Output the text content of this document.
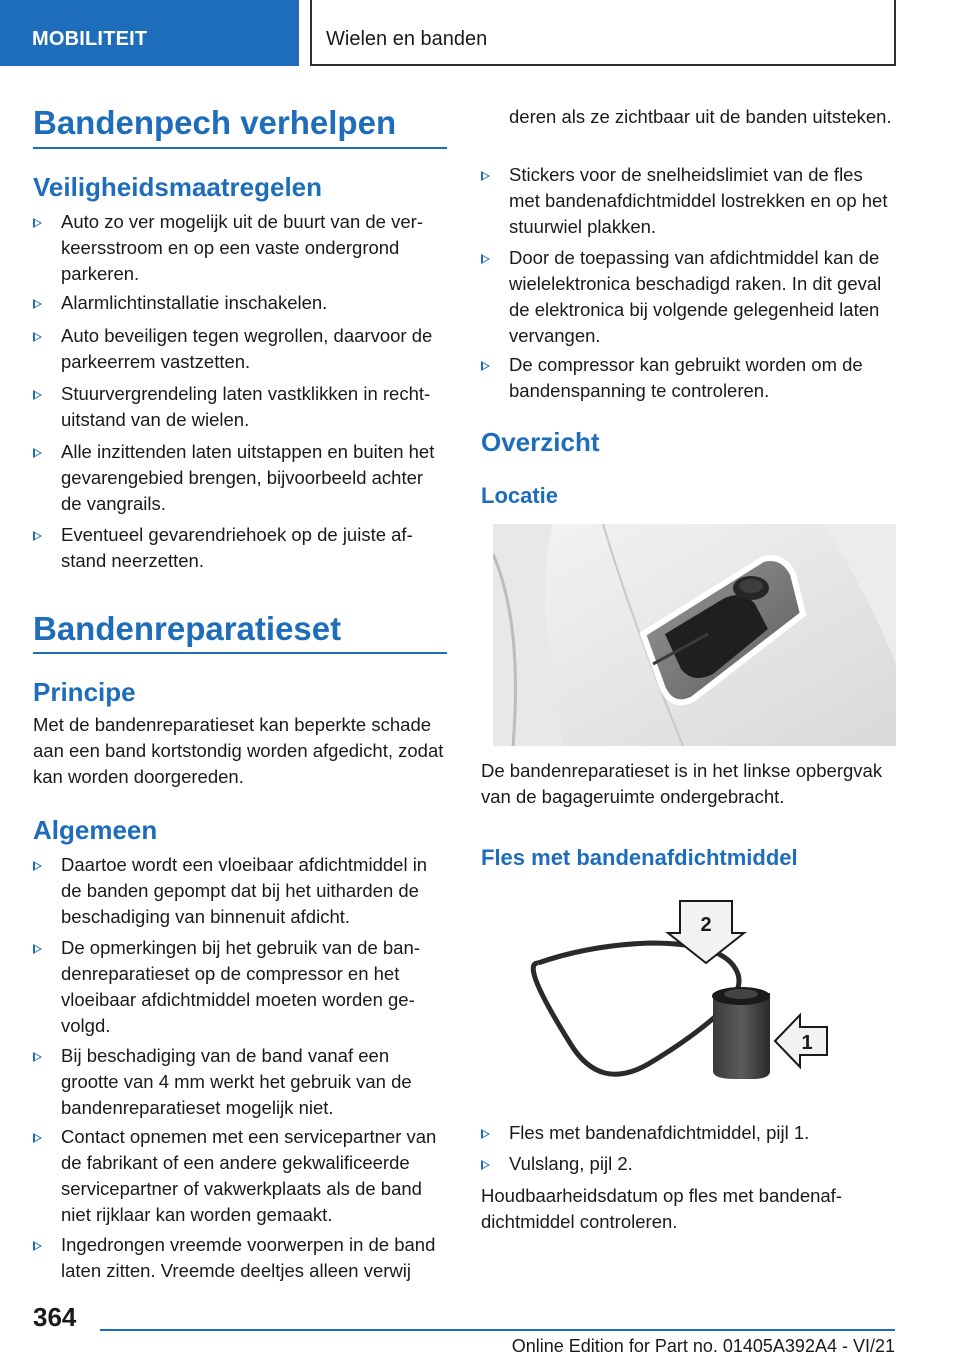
MOBILITEIT	Wielen en banden
Bandenpech verhelpen
Veiligheidsmaatregelen
Auto zo ver mogelijk uit de buurt van de verkeersstroom en op een vaste ondergrond parkeren.
Alarmlichtinstallatie inschakelen.
Auto beveiligen tegen wegrollen, daarvoor de parkeerrem vastzetten.
Stuurvergrendeling laten vastklikken in rechtuitstand van de wielen.
Alle inzittenden laten uitstappen en buiten het gevarengebied brengen, bijvoorbeeld achter de vangrails.
Eventueel gevarendriehoek op de juiste afstand neerzetten.
Bandenreparatieset
Principe
Met de bandenreparatieset kan beperkte schade aan een band kortstondig worden afgedicht, zodat kan worden doorgereden.
Algemeen
Daartoe wordt een vloeibaar afdichtmiddel in de banden gepompt dat bij het uitharden de beschadiging van binnenuit afdicht.
De opmerkingen bij het gebruik van de bandenreparatieset op de compressor en het vloeibaar afdichtmiddel moeten worden gevolgd.
Bij beschadiging van de band vanaf een grootte van 4 mm werkt het gebruik van de bandenreparatieset mogelijk niet.
Contact opnemen met een servicepartner van de fabrikant of een andere gekwalificeerde servicepartner of vakwerkplaats als de band niet rijklaar kan worden gemaakt.
Ingedrongen vreemde voorwerpen in de band laten zitten. Vreemde deeltjes alleen verwij
deren als ze zichtbaar uit de banden uitsteken.
Stickers voor de snelheidslimiet van de fles met bandenafdichtmiddel lostrekken en op het stuurwiel plakken.
Door de toepassing van afdichtmiddel kan de wielelektronica beschadigd raken. In dit geval de elektronica bij volgende gelegenheid laten vervangen.
De compressor kan gebruikt worden om de bandenspanning te controleren.
Overzicht
Locatie
De bandenreparatieset is in het linkse opbergvak van de bagageruimte ondergebracht.
Fles met bandenafdichtmiddel
2
1
Fles met bandenafdichtmiddel, pijl 1.
Vulslang, pijl 2.
Houdbaarheidsdatum op fles met bandenafdichtmiddel controleren.
364
Online Edition for Part no. 01405A392A4 - VI/21
